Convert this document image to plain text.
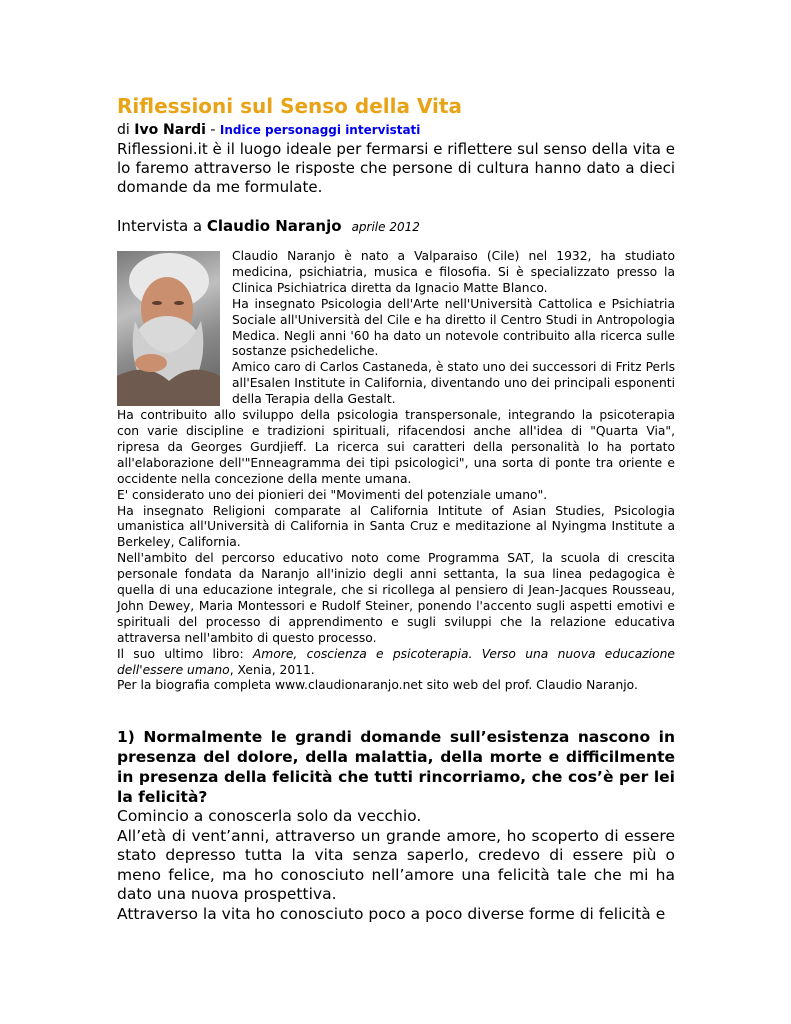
Riflessioni sul Senso della Vita
di Ivo Nardi - Indice personaggi intervistati
Riflessioni.it è il luogo ideale per fermarsi e riflettere sul senso della vita e lo faremo attraverso le risposte che persone di cultura hanno dato a dieci domande da me formulate.
Intervista a Claudio Naranjo aprile 2012

Claudio Naranjo è nato a Valparaiso (Cile) nel 1932, ha studiato medicina, psichiatria, musica e filosofia. Si è specializzato presso la Clinica Psichiatrica diretta da Ignacio Matte Blanco.

Ha insegnato Psicologia dell'Arte nell'Università Cattolica e Psichiatria Sociale all'Università del Cile e ha diretto il Centro Studi in Antropologia Medica. Negli anni '60 ha dato un notevole contribuito alla ricerca sulle sostanze psichedeliche.

Amico caro di Carlos Castaneda, è stato uno dei successori di Fritz Perls all'Esalen Institute in California, diventando uno dei principali esponenti della Terapia della Gestalt.

Ha contribuito allo sviluppo della psicologia transpersonale, integrando la psicoterapia con varie discipline e tradizioni spirituali, rifacendosi anche all'idea di "Quarta Via", ripresa da Georges Gurdjieff. La ricerca sui caratteri della personalità lo ha portato all'elaborazione dell'"Enneagramma dei tipi psicologici", una sorta di ponte tra oriente e occidente nella concezione della mente umana.

E' considerato uno dei pionieri dei "Movimenti del potenziale umano".

Ha insegnato Religioni comparate al California Intitute of Asian Studies, Psicologia umanistica all'Università di California in Santa Cruz e meditazione al Nyingma Institute a Berkeley, California.

Nell'ambito del percorso educativo noto come Programma SAT, la scuola di crescita personale fondata da Naranjo all'inizio degli anni settanta, la sua linea pedagogica è quella di una educazione integrale, che si ricollega al pensiero di Jean-Jacques Rousseau, John Dewey, Maria Montessori e Rudolf Steiner, ponendo l'accento sugli aspetti emotivi e spirituali del processo di apprendimento e sugli sviluppi che la relazione educativa attraversa nell'ambito di questo processo.

Il suo ultimo libro: Amore, coscienza e psicoterapia. Verso una nuova educazione dell'essere umano, Xenia, 2011.

Per la biografia completa www.claudionaranjo.net sito web del prof. Claudio Naranjo.

1) Normalmente le grandi domande sull’esistenza nascono in presenza del dolore, della malattia, della morte e difficilmente in presenza della felicità che tutti rincorriamo, che cos’è per lei la felicità?

Comincio a conoscerla solo da vecchio.

All’età di vent’anni, attraverso un grande amore, ho scoperto di essere stato depresso tutta la vita senza saperlo, credevo di essere più o meno felice, ma ho conosciuto nell’amore una felicità tale che mi ha dato una nuova prospettiva.

Attraverso la vita ho conosciuto poco a poco diverse forme di felicità e
